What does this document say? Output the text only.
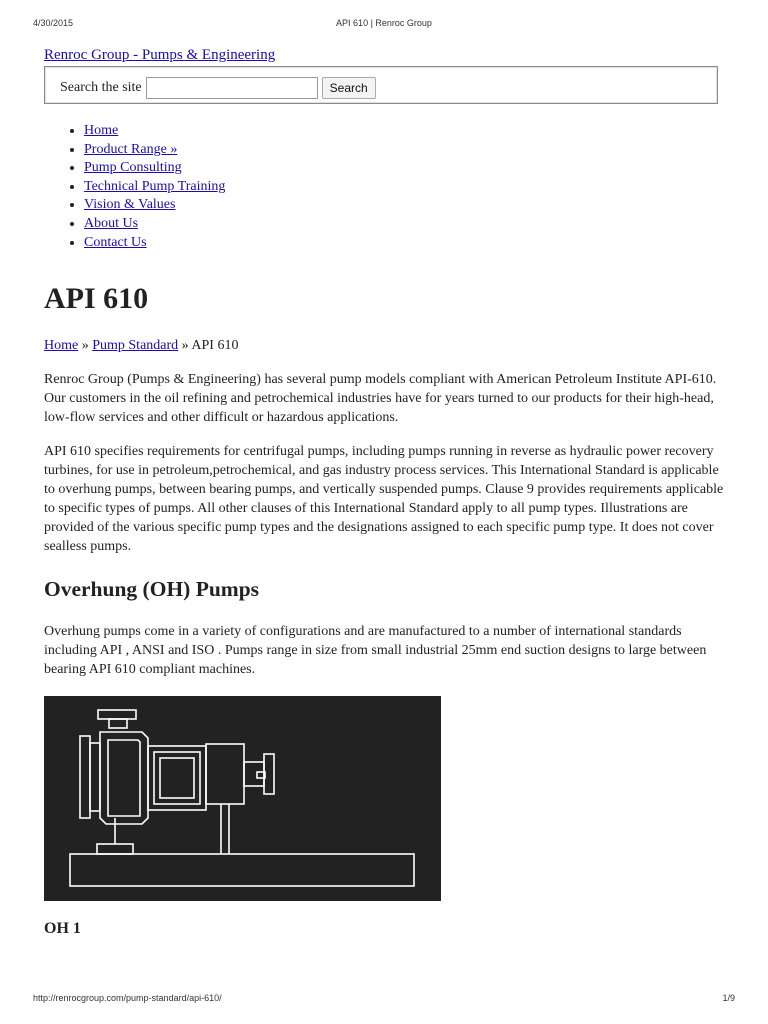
4/30/2015	API 610 | Renroc Group
Renroc Group - Pumps & Engineering
Search the site	Search
• Home
• Product Range »
• Pump Consulting
• Technical Pump Training
• Vision & Values
• About Us
• Contact Us
API 610
Home » Pump Standard » API 610

Renroc Group (Pumps & Engineering) has several pump models compliant with American Petroleum Institute API-610. Our customers in the oil refining and petrochemical industries have for years turned to our products for their high-head, low-flow services and other difficult or hazardous applications.

API 610 specifies requirements for centrifugal pumps, including pumps running in reverse as hydraulic power recovery turbines, for use in petroleum,petrochemical, and gas industry process services. This International Standard is applicable to overhung pumps, between bearing pumps, and vertically suspended pumps. Clause 9 provides requirements applicable to specific types of pumps. All other clauses of this International Standard apply to all pump types. Illustrations are provided of the various specific pump types and the designations assigned to each specific pump type. It does not cover sealless pumps.

Overhung (OH) Pumps

Overhung pumps come in a variety of configurations and are manufactured to a number of international standards including API , ANSI and ISO . Pumps range in size from small industrial 25mm end suction designs to large between bearing API 610 compliant machines.

OH 1
http://renrocgroup.com/pump-standard/api-610/	1/9
